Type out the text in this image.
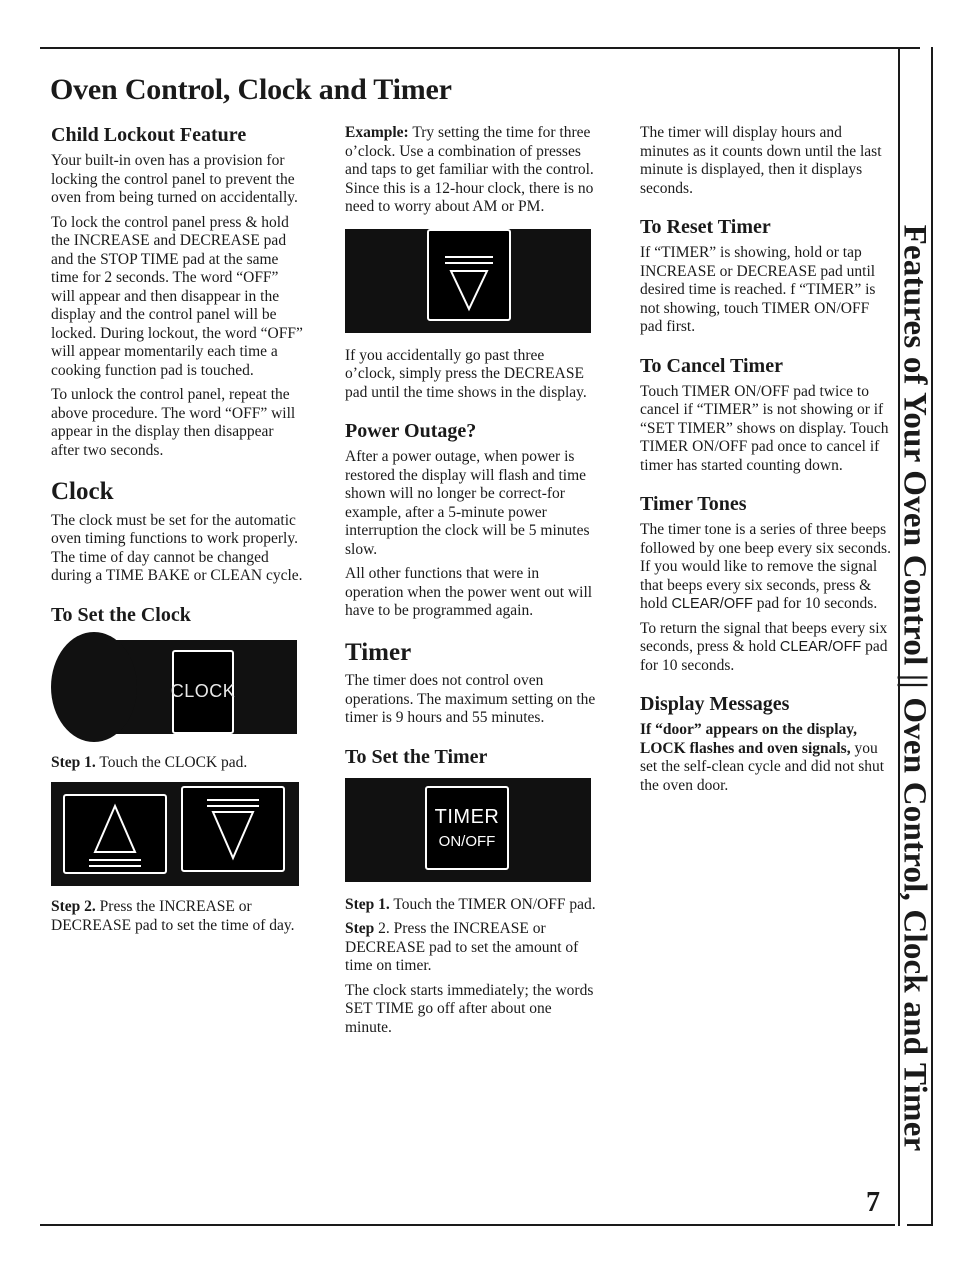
Oven Control, Clock and Timer
Features of Your Oven Control || Oven Control, Clock and Timer
7
Child Lockout Feature

Your built-in oven has a provision for locking the control panel to prevent the oven from being turned on accidentally.

To lock the control panel press & hold the INCREASE and DECREASE pad and the STOP TIME pad at the same time for 2 seconds. The word “OFF” will appear and then disappear in the display and the control panel will be locked. During lockout, the word “OFF” will appear momentarily each time a cooking function pad is touched.

To unlock the control panel, repeat the above procedure. The word “OFF” will appear in the display then disappear after two seconds.

Clock

The clock must be set for the automatic oven timing functions to work properly. The time of day cannot be changed during a TIME BAKE or CLEAN cycle.

To Set the Clock
CLOCK

Step 1. Touch the CLOCK pad.

Step 2. Press the INCREASE or DECREASE pad to set the time of day.

Example: Try setting the time for three o’clock. Use a combination of presses and taps to get familiar with the control. Since this is a 12-hour clock, there is no need to worry about AM or PM.

If you accidentally go past three o’clock, simply press the DECREASE pad until the time shows in the display.

Power Outage?

After a power outage, when power is restored the display will flash and time shown will no longer be correct-for example, after a 5-minute power interruption the clock will be 5 minutes slow.

All other functions that were in operation when the power went out will have to be programmed again.

Timer

The timer does not control oven operations. The maximum setting on the timer is 9 hours and 55 minutes.

To Set the Timer
TIMER
ON/OFF

Step 1. Touch the TIMER ON/OFF pad.

Step 2. Press the INCREASE or DECREASE pad to set the amount of time on timer.

The clock starts immediately; the words SET TIME go off after about one minute.

The timer will display hours and minutes as it counts down until the last minute is displayed, then it displays seconds.

To Reset Timer

If “TIMER” is showing, hold or tap INCREASE or DECREASE pad until desired time is reached. f “TIMER” is not showing, touch TIMER ON/OFF pad first.

To Cancel Timer

Touch TIMER ON/OFF pad twice to cancel if “TIMER” is not showing or if “SET TIMER” shows on display. Touch TIMER ON/OFF pad once to cancel if timer has started counting down.

Timer Tones

The timer tone is a series of three beeps followed by one beep every six seconds. If you would like to remove the signal that beeps every six seconds, press & hold CLEAR/OFF pad for 10 seconds.

To return the signal that beeps every six seconds, press & hold CLEAR/OFF pad for 10 seconds.

Display Messages

If “door” appears on the display, LOCK flashes and oven signals, you set the self-clean cycle and did not shut the oven door.
